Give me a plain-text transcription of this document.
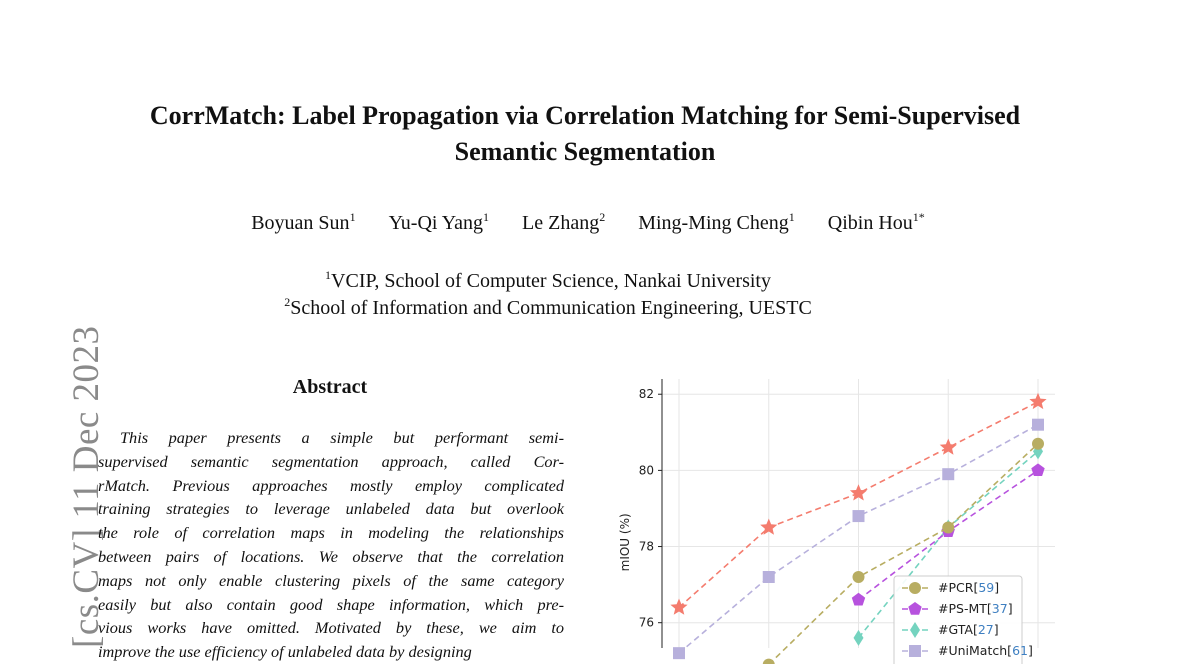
[cs.CV] 11 Dec 2023
CorrMatch: Label Propagation via Correlation Matching for Semi-Supervised
Semantic Segmentation
Boyuan Sun$^1$ Yu-Qi Yang$^1$ Le Zhang$^2$ Ming-Ming Cheng$^1$ Qibin Hou$^{1*}$
$^1$VCIP, School of Computer Science, Nankai University
$^2$School of Information and Communication Engineering, UESTC
Abstract

This paper presents a simple but performant semi-
supervised semantic segmentation approach, called Cor-
rMatch. Previous approaches mostly employ complicated
training strategies to leverage unlabeled data but overlook
the role of correlation maps in modeling the relationships
between pairs of locations. We observe that the correlation
maps not only enable clustering pixels of the same category
easily but also contain good shape information, which pre-
vious works have omitted. Motivated by these, we aim to
improve the use efficiency of unlabeled data by designing

76
78
80
82
mIOU (%)
#PCR[59]
#PS-MT[37]
#GTA[27]
#UniMatch[61]
